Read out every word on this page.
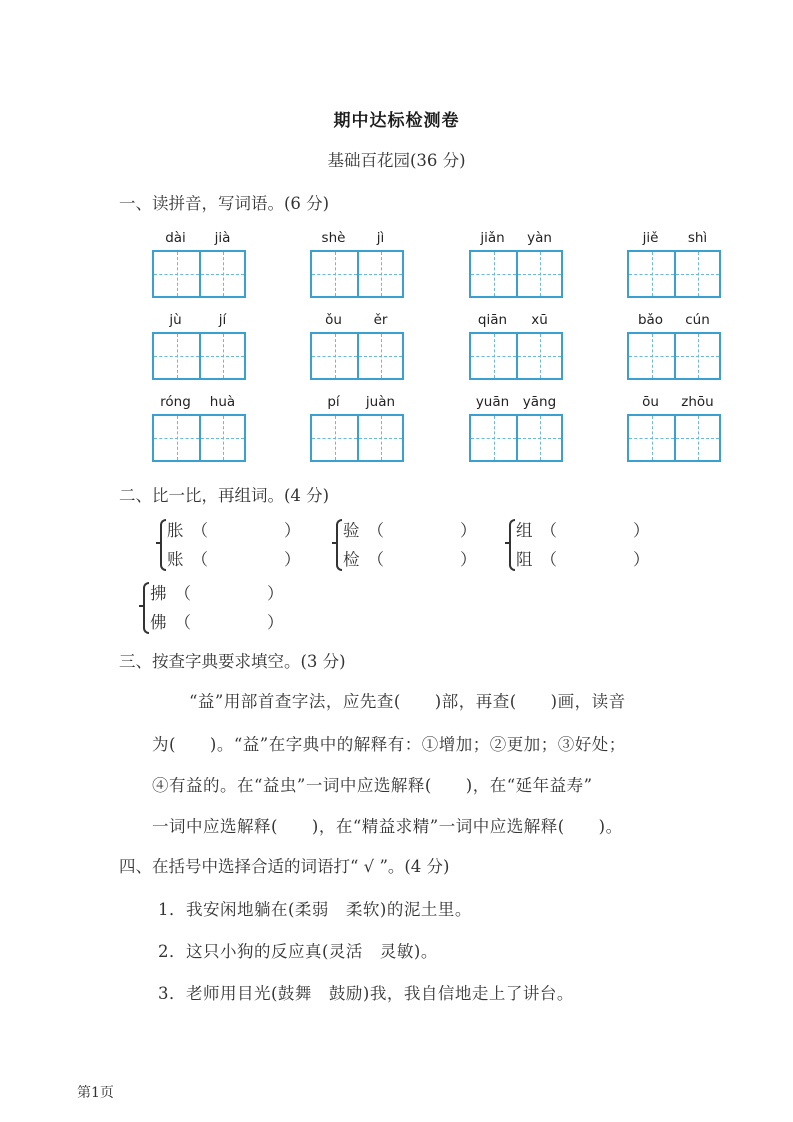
期中达标检测卷
基础百花园(36 分)
一、读拼音，写词语。(6 分)
dài	jià	shè	jì	jiǎn	yàn	jiě	shì
jù	jí	ǒu	ěr	qiān	xū	bǎo	cún
róng	huà	pí	juàn	yuān	yāng	ōu	zhōu
二、比一比，再组词。(4 分)
胀 （	）
账 （	）
验 （	）
检 （	）
组 （	）
阻 （	）
拂 （	）
佛 （	）
三、按查字典要求填空。(3 分)
“益”用部首查字法，应先查(　　)部，再查(　　)画，读音
为(　　)。“益”在字典中的解释有：①增加；②更加；③好处；
④有益的。在“益虫”一词中应选解释(　　)，在“延年益寿”
一词中应选解释(　　)，在“精益求精”一词中应选解释(　　)。
四、在括号中选择合适的词语打“ √ ”。(4 分)
1．我安闲地躺在(柔弱　柔软)的泥土里。
2．这只小狗的反应真(灵活　灵敏)。
3．老师用目光(鼓舞　鼓励)我，我自信地走上了讲台。
第1页
